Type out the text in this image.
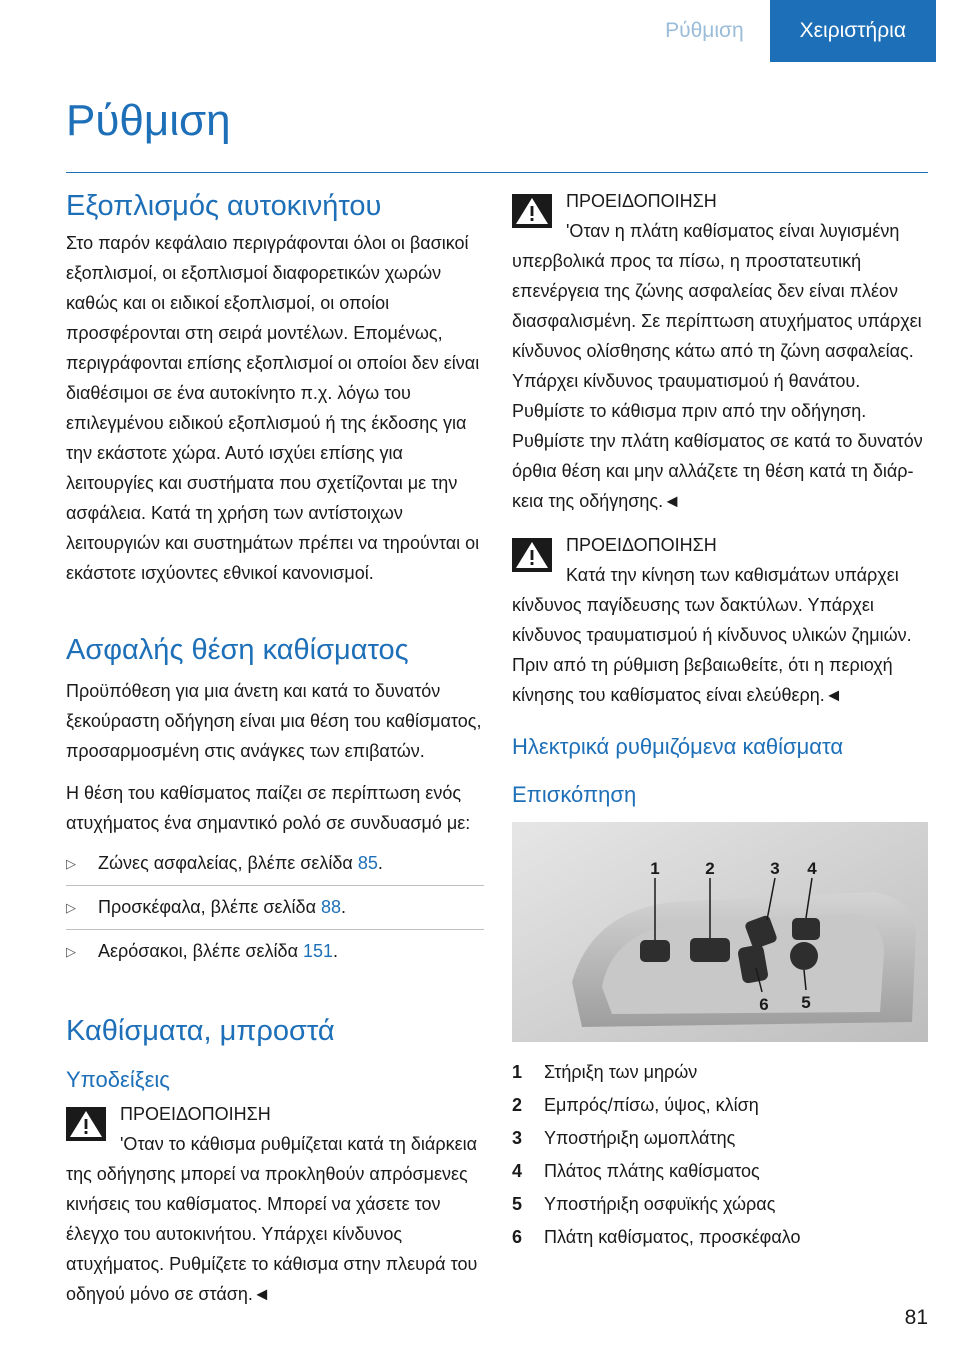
Ρύθμιση	Χειριστήρια
Ρύθμιση
Εξοπλισμός αυτοκινήτου

Στο παρόν κεφάλαιο περιγράφονται όλοι οι βασικοί εξοπλισμοί, οι εξοπλισμοί διαφορετικών χωρών καθώς και οι ειδικοί εξοπλισμοί, οι οποίοι προσφέρονται στη σειρά μοντέλων. Επομένως, περιγράφονται επίσης εξοπλισμοί οι οποίοι δεν είναι διαθέσιμοι σε ένα αυτοκίνητο π.χ. λόγω του επιλεγμένου ειδικού εξοπλισμού ή της έκδοσης για την εκάστοτε χώρα. Αυτό ισχύει επίσης για λειτουργίες και συστήματα που σχετίζονται με την ασφάλεια. Κατά τη χρήση των αντίστοιχων λειτουργιών και συστημάτων πρέπει να τηρούνται οι εκάστοτε ισχύοντες εθνικοί κανονισμοί.

Ασφαλής θέση καθίσματος

Προϋπόθεση για μια άνετη και κατά το δυνατόν ξεκούραστη οδήγηση είναι μια θέση του καθίσματος, προσαρμοσμένη στις ανάγκες των επιβατών.

Η θέση του καθίσματος παίζει σε περίπτωση ενός ατυχήματος ένα σημαντικό ρολό σε συνδυασμό με:

▷	Ζώνες ασφαλείας, βλέπε σελίδα 85.
▷	Προσκέφαλα, βλέπε σελίδα 88.
▷	Αερόσακοι, βλέπε σελίδα 151.
Καθίσματα, μπροστά
Υποδείξεις
ΠΡΟΕΙΔΟΠΟΙΗΣΗ

'Οταν το κάθισμα ρυθμίζεται κατά τη διάρκεια της οδήγησης μπορεί να προκληθούν απρόσμενες κινήσεις του καθίσματος. Μπορεί να χάσετε τον έλεγχο του αυτοκινήτου. Υπάρχει κίνδυνος ατυχήματος. Ρυθμίζετε το κάθισμα στην πλευρά του οδηγού μόνο σε στάση.◄

ΠΡΟΕΙΔΟΠΟΙΗΣΗ

'Οταν η πλάτη καθίσματος είναι λυγισμένη υπερβολικά προς τα πίσω, η προστατευτική επενέργεια της ζώνης ασφαλείας δεν είναι πλέον διασφαλισμένη. Σε περίπτωση ατυχήματος υπάρχει κίνδυνος ολίσθησης κάτω από τη ζώνη ασφαλείας. Υπάρχει κίνδυνος τραυματισμού ή θανάτου. Ρυθμίστε το κάθισμα πριν από την οδήγηση. Ρυθμίστε την πλάτη καθίσματος σε κατά το δυνατόν όρθια θέση και μην αλλάζετε τη θέση κατά τη διάρκεια της οδήγησης.◄

ΠΡΟΕΙΔΟΠΟΙΗΣΗ

Κατά την κίνηση των καθισμάτων υπάρχει κίνδυνος παγίδευσης των δακτύλων. Υπάρχει κίνδυνος τραυματισμού ή κίνδυνος υλικών ζημιών. Πριν από τη ρύθμιση βεβαιωθείτε, ότι η περιοχή κίνησης του καθίσματος είναι ελεύθερη.◄

Ηλεκτρικά ρυθμιζόμενα καθίσματα
Επισκόπηση
1	2	3 4
6 5
1	Στήριξη των μηρών
2	Εμπρός/πίσω, ύψος, κλίση
3	Υποστήριξη ωμοπλάτης
4	Πλάτος πλάτης καθίσματος
5	Υποστήριξη οσφυϊκής χώρας
6	Πλάτη καθίσματος, προσκέφαλο
81
Online Edition for Part no. 0140 2 966 468 - X/15
